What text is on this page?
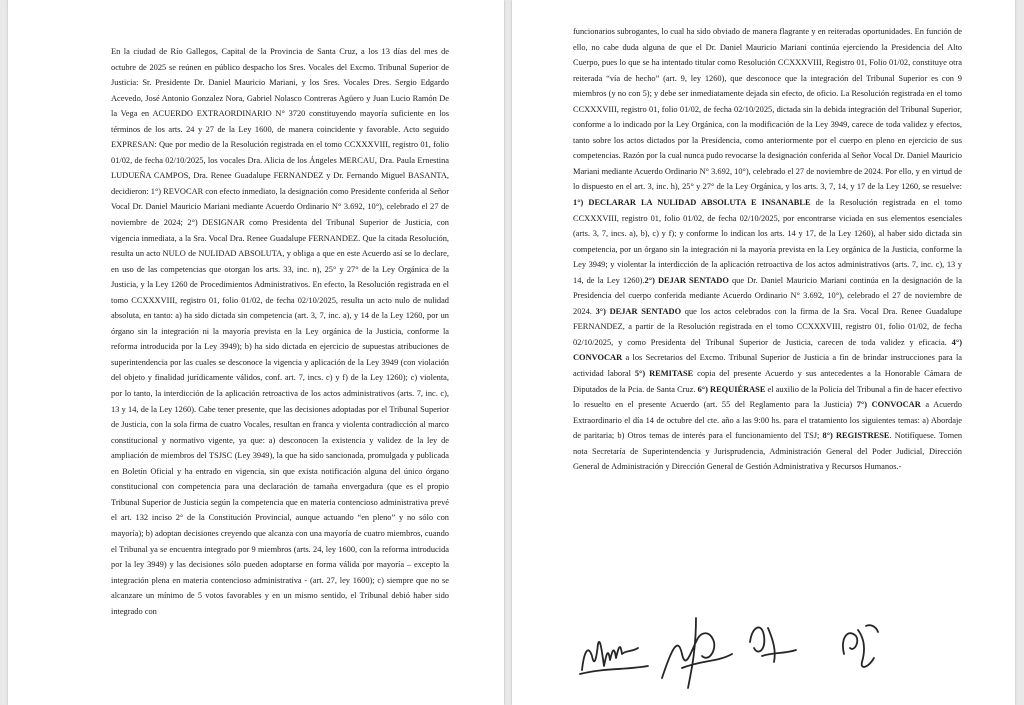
En la ciudad de Río Gallegos, Capital de la Provincia de Santa Cruz, a los 13 días del mes de octubre de 2025 se reúnen en público despacho los Sres. Vocales del Excmo. Tribunal Superior de Justicia: Sr. Presidente Dr. Daniel Mauricio Mariani, y los Sres. Vocales Dres. Sergio Edgardo Acevedo, José Antonio Gonzalez Nora, Gabriel Nolasco Contreras Agüero y Juan Lucio Ramón De la Vega en ACUERDO EXTRAORDINARIO N° 3720 constituyendo mayoría suficiente en los términos de los arts. 24 y 27 de la Ley 1600, de manera coincidente y favorable. Acto seguido EXPRESAN: Que por medio de la Resolución registrada en el tomo CCXXXVIII, registro 01, folio 01/02, de fecha 02/10/2025, los vocales Dra. Alicia de los Ángeles MERCAU, Dra. Paula Ernestina LUDUEÑA CAMPOS, Dra. Renee Guadalupe FERNANDEZ y Dr. Fernando Miguel BASANTA, decidieron: 1°) REVOCAR con efecto inmediato, la designación como Presidente conferida al Señor Vocal Dr. Daniel Mauricio Mariani mediante Acuerdo Ordinario N° 3.692, 10°), celebrado el 27 de noviembre de 2024; 2°) DESIGNAR como Presidenta del Tribunal Superior de Justicia, con vigencia inmediata, a la Sra. Vocal Dra. Renee Guadalupe FERNANDEZ. Que la citada Resolución, resulta un acto NULO de NULIDAD ABSOLUTA, y obliga a que en este Acuerdo así se lo declare, en uso de las competencias que otorgan los arts. 33, inc. n), 25° y 27° de la Ley Orgánica de la Justicia, y la Ley 1260 de Procedimientos Administrativos. En efecto, la Resolución registrada en el tomo CCXXXVIII, registro 01, folio 01/02, de fecha 02/10/2025, resulta un acto nulo de nulidad absoluta, en tanto: a) ha sido dictada sin competencia (art. 3, 7, inc. a), y 14 de la Ley 1260, por un órgano sin la integración ni la mayoría prevista en la Ley orgánica de la Justicia, conforme la reforma introducida por la Ley 3949); b) ha sido dictada en ejercicio de supuestas atribuciones de superintendencia por las cuales se desconoce la vigencia y aplicación de la Ley 3949 (con violación del objeto y finalidad jurídicamente válidos, conf. art. 7, incs. c) y f) de la Ley 1260); c) violenta, por lo tanto, la interdicción de la aplicación retroactiva de los actos administrativos (arts. 7, inc. c), 13 y 14, de la Ley 1260). Cabe tener presente, que las decisiones adoptadas por el Tribunal Superior de Justicia, con la sola firma de cuatro Vocales, resultan en franca y violenta contradicción al marco constitucional y normativo vigente, ya que: a) desconocen la existencia y validez de la ley de ampliación de miembros del TSJSC (Ley 3949), la que ha sido sancionada, promulgada y publicada en Boletín Oficial y ha entrado en vigencia, sin que exista notificación alguna del único órgano constitucional con competencia para una declaración de tamaña envergadura (que es el propio Tribunal Superior de Justicia según la competencia que en materia contencioso administrativa prevé el art. 132 inciso 2° de la Constitución Provincial, aunque actuando “en pleno” y no sólo con mayoría); b) adoptan decisiones creyendo que alcanza con una mayoría de cuatro miembros, cuando el Tribunal ya se encuentra integrado por 9 miembros (arts. 24, ley 1600, con la reforma introducida por la ley 3949) y las decisiones sólo pueden adoptarse en forma válida por mayoría – excepto la integración plena en materia contencioso administrativa - (art. 27, ley 1600); c) siempre que no se alcanzare un mínimo de 5 votos favorables y en un mismo sentido, el Tribunal debió haber sido integrado con

funcionarios subrogantes, lo cual ha sido obviado de manera flagrante y en reiteradas oportunidades. En función de ello, no cabe duda alguna de que el Dr. Daniel Mauricio Mariani continúa ejerciendo la Presidencia del Alto Cuerpo, pues lo que se ha intentado titular como Resolución CCXXXVIII, Registro 01, Folio 01/02, constituye otra reiterada “vía de hecho” (art. 9, ley 1260), que desconoce que la integración del Tribunal Superior es con 9 miembros (y no con 5); y debe ser inmediatamente dejada sin efecto, de oficio. La Resolución registrada en el tomo CCXXXVIII, registro 01, folio 01/02, de fecha 02/10/2025, dictada sin la debida integración del Tribunal Superior, conforme a lo indicado por la Ley Orgánica, con la modificación de la Ley 3949, carece de toda validez y efectos, tanto sobre los actos dictados por la Presidencia, como anteriormente por el cuerpo en pleno en ejercicio de sus competencias. Razón por la cual nunca pudo revocarse la designación conferida al Señor Vocal Dr. Daniel Mauricio Mariani mediante Acuerdo Ordinario N° 3.692, 10°), celebrado el 27 de noviembre de 2024. Por ello, y en virtud de lo dispuesto en el art. 3, inc. h), 25° y 27° de la Ley Orgánica, y los arts. 3, 7, 14, y 17 de la Ley 1260, se resuelve: 1°) DECLARAR LA NULIDAD ABSOLUTA E INSANABLE de la Resolución registrada en el tomo CCXXXVIII, registro 01, folio 01/02, de fecha 02/10/2025, por encontrarse viciada en sus elementos esenciales (arts. 3, 7, incs. a), b), c) y f); y conforme lo indican los arts. 14 y 17, de la Ley 1260), al haber sido dictada sin competencia, por un órgano sin la integración ni la mayoría prevista en la Ley orgánica de la Justicia, conforme la Ley 3949; y violentar la interdicción de la aplicación retroactiva de los actos administrativos (arts. 7, inc. c), 13 y 14, de la Ley 1260).2°) DEJAR SENTADO que Dr. Daniel Mauricio Mariani continúa en la designación de la Presidencia del cuerpo conferida mediante Acuerdo Ordinario N° 3.692, 10°), celebrado el 27 de noviembre de 2024. 3°) DEJAR SENTADO que los actos celebrados con la firma de la Sra. Vocal Dra. Renee Guadalupe FERNANDEZ, a partir de la Resolución registrada en el tomo CCXXXVIII, registro 01, folio 01/02, de fecha 02/10/2025, y como Presidenta del Tribunal Superior de Justicia, carecen de toda validez y eficacia. 4°) CONVOCAR a los Secretarios del Excmo. Tribunal Superior de Justicia a fin de brindar instrucciones para la actividad laboral 5°) REMITASE copia del presente Acuerdo y sus antecedentes a la Honorable Cámara de Diputados de la Pcia. de Santa Cruz. 6°) REQUIÉRASE el auxilio de la Policía del Tribunal a fin de hacer efectivo lo resuelto en el presente Acuerdo (art. 55 del Reglamento para la Justicia) 7°) CONVOCAR a Acuerdo Extraordinario el día 14 de octubre del cte. año a las 9:00 hs. para el tratamiento los siguientes temas: a) Abordaje de paritaria; b) Otros temas de interés para el funcionamiento del TSJ; 8°) REGISTRESE. Notifíquese. Tomen nota Secretaría de Superintendencia y Jurisprudencia, Administración General del Poder Judicial, Dirección General de Administración y Dirección General de Gestión Administrativa y Recursos Humanos.-
